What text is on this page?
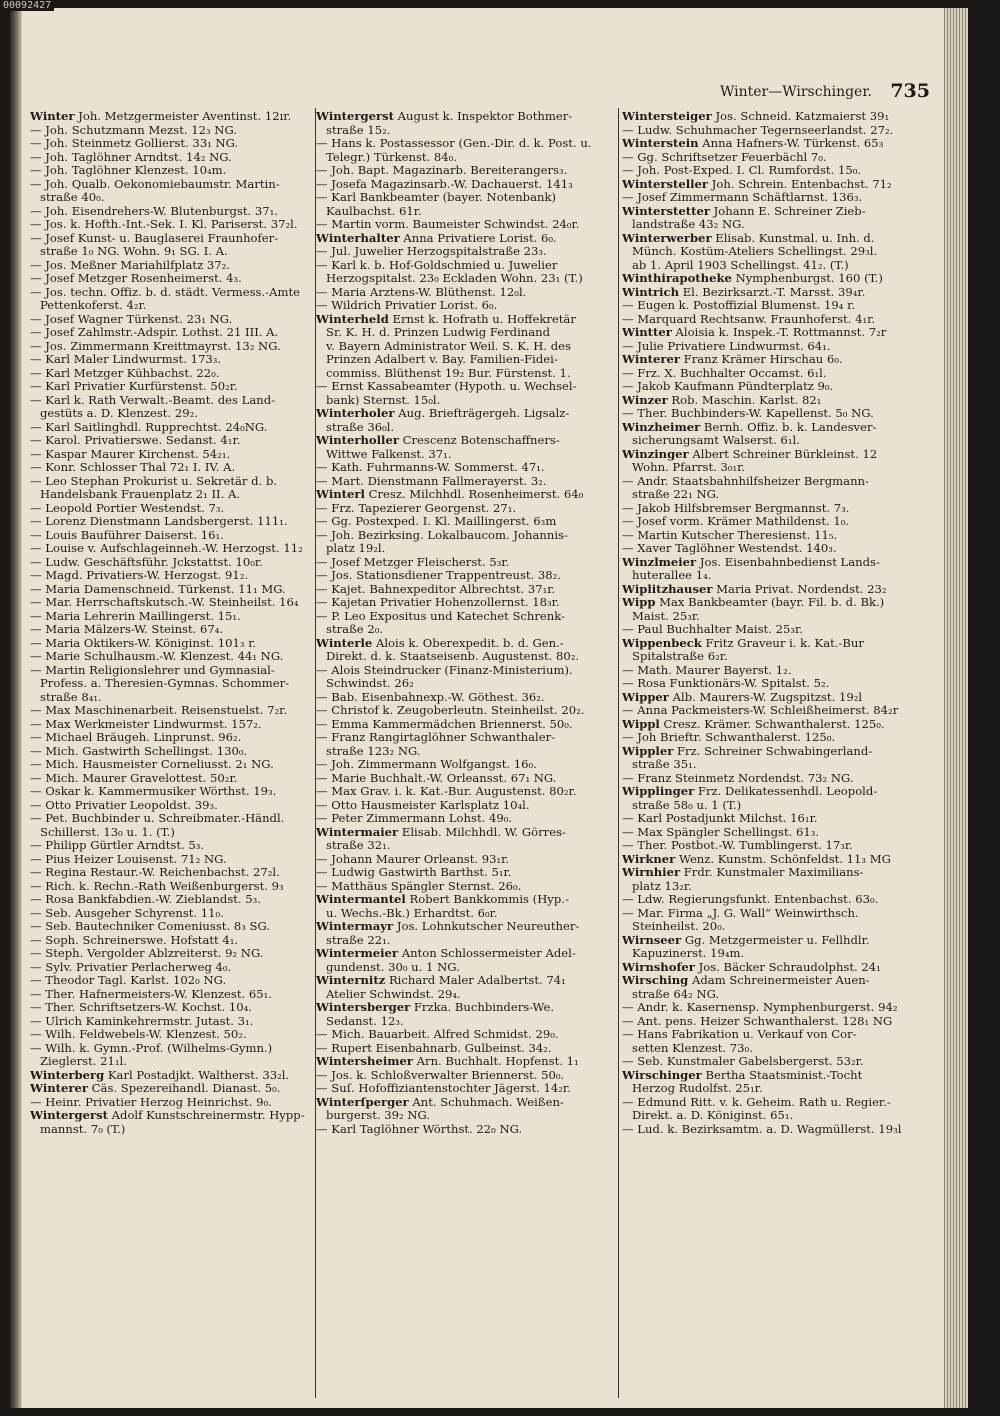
Winter—Wirschinger. 735
Winter Joh. Metzgermeister Aventinst. 12ır.
— Joh. Schutzmann Mezst. 12₃ NG.
— Joh. Steinmetz Gollierst. 33₁ NG.
— Joh. Taglöhner Arndtst. 14₂ NG.
— Joh. Taglöhner Klenzest. 10₄m.
— Joh. Qualb. Oekonomiebaumstr. Martin-
straße 40₀.
— Joh. Eisendrehers-W. Blutenburgst. 37₁.
— Jos. k. Hofth.-Int.-Sek. I. Kl. Pariserst. 37₂l.
— Josef Kunst- u. Bauglaserei Fraunhofer-
straße 1₀ NG. Wohn. 9₁ SG. I. A.
— Jos. Meßner Mariahilfplatz 37₂.
— Josef Metzger Rosenheimerst. 4₃.
— Jos. techn. Offiz. b. d. städt. Vermess.-Amte
Pettenkoferst. 4₂r.
— Josef Wagner Türkenst. 23₁ NG.
— Josef Zahlmstr.-Adspir. Lothst. 21 III. A.
— Jos. Zimmermann Kreittmayrst. 13₂ NG.
— Karl Maler Lindwurmst. 173₃.
— Karl Metzger Kühbachst. 22₀.
— Karl Privatier Kurfürstenst. 50₂r.
— Karl k. Rath Verwalt.-Beamt. des Land-
gestüts a. D. Klenzest. 29₂.
— Karl Saitlinghdl. Rupprechtst. 24₀NG.
— Karol. Privatierswe. Sedanst. 4₁r.
— Kaspar Maurer Kirchenst. 54₂₁.
— Konr. Schlosser Thal 72₁ I. IV. A.
— Leo Stephan Prokurist u. Sekretär d. b.
Handelsbank Frauenplatz 2₁ II. A.
— Leopold Portier Westendst. 7₃.
— Lorenz Dienstmann Landsbergerst. 111₁.
— Louis Bauführer Daiserst. 16₁.
— Louise v. Aufschlageinneh.-W. Herzogst. 11₂
— Ludw. Geschäftsführ. Jckstattst. 10₀r.
— Magd. Privatiers-W. Herzogst. 91₂.
— Maria Damenschneid. Türkenst. 11₁ MG.
— Mar. Herrschaftskutsch.-W. Steinheilst. 16₄
— Maria Lehrerin Maillingerst. 15₁.
— Maria Mälzers-W. Steinst. 67₄.
— Maria Oktikers-W. Königinst. 101₃ r.
— Marie Schulhausm.-W. Klenzest. 44₁ NG.
— Martin Religionslehrer und Gymnasial-
Profess. a. Theresien-Gymnas. Schommer-
straße 8₄₁.
— Max Maschinenarbeit. Reisenstuelst. 7₂r.
— Max Werkmeister Lindwurmst. 157₂.
— Michael Bräugeh. Linprunst. 96₂.
— Mich. Gastwirth Schellingst. 130₀.
— Mich. Hausmeister Corneliusst. 2₁ NG.
— Mich. Maurer Gravelottest. 50₂r.
— Oskar k. Kammermusiker Wörthst. 19₃.
— Otto Privatier Leopoldst. 39₃.
— Pet. Buchbinder u. Schreibmater.-Händl.
Schillerst. 13₀ u. 1. (T.)
— Philipp Gürtler Arndtst. 5₃.
— Pius Heizer Louisenst. 71₂ NG.
— Regina Restaur.-W. Reichenbachst. 27₂l.
— Rich. k. Rechn.-Rath Weißenburgerst. 9₃
— Rosa Bankfabdien.-W. Zieblandst. 5₃.
— Seb. Ausgeher Schyrenst. 11₀.
— Seb. Bautechniker Comeniusst. 8₃ SG.
— Soph. Schreinerswe. Hofstatt 4₁.
— Steph. Vergolder Ablzreiterst. 9₂ NG.
— Sylv. Privatier Perlacherweg 4₀.
— Theodor Tagl. Karlst. 102₀ NG.
— Ther. Hafnermeisters-W. Klenzest. 65₁.
— Ther. Schriftsetzers-W. Kochst. 10₄.
— Ulrich Kaminkehrermstr. Jutast. 3₁.
— Wilh. Feldwebels-W. Klenzest. 50₂.
— Wilh. k. Gymn.-Prof. (Wilhelms-Gymn.)
Zieglerst. 21₁l.
Winterberg Karl Postadjkt. Waltherst. 33₂l.
Winterer Cäs. Spezereihandl. Dianast. 5₀.
— Heinr. Privatier Herzog Heinrichst. 9₀.
Wintergerst Adolf Kunstschreinermstr. Hypp-
mannst. 7₀ (T.)
Wintergerst August k. Inspektor Bothmer-
straße 15₂.
— Hans k. Postassessor (Gen.-Dir. d. k. Post. u.
Telegr.) Türkenst. 84₀.
— Joh. Bapt. Magazinarb. Bereiterangers₃.
— Josefa Magazinsarb.-W. Dachauerst. 141₃
— Karl Bankbeamter (bayer. Notenbank)
Kaulbachst. 61r.
— Martin vorm. Baumeister Schwindst. 24₀r.
Winterhalter Anna Privatiere Lorist. 6₀.
— Jul. Juwelier Herzogspitalstraße 23₃.
— Karl k. b. Hof-Goldschmied u. Juwelier
Herzogspitalst. 23₀ Eckladen Wohn. 23₁ (T.)
— Maria Arztens-W. Blüthenst. 12₀l.
— Wildrich Privatier Lorist. 6₀.
Winterheld Ernst k. Hofrath u. Hoffekretär
Sr. K. H. d. Prinzen Ludwig Ferdinand
v. Bayern Administrator Weil. S. K. H. des
Prinzen Adalbert v. Bay. Familien-Fidei-
commiss. Blüthenst 19₂ Bur. Fürstenst. 1.
— Ernst Kassabeamter (Hypoth. u. Wechsel-
bank) Sternst. 15₀l.
Winterholer Aug. Briefträgergeh. Ligsalz-
straße 36₀l.
Winterholler Crescenz Botenschaffners-
Wittwe Falkenst. 37₁.
— Kath. Fuhrmanns-W. Sommerst. 47₁.
— Mart. Dienstmann Fallmerayerst. 3₂.
Winterl Cresz. Milchhdl. Rosenheimerst. 64₀
— Frz. Tapezierer Georgenst. 27₁.
— Gg. Postexped. I. Kl. Maillingerst. 6₃m
— Joh. Bezirksing. Lokalbaucom. Johannis-
platz 19₂l.
— Josef Metzger Fleischerst. 5₃r.
— Jos. Stationsdiener Trappentreust. 38₂.
— Kajet. Bahnexpeditor Albrechtst. 37₁r.
— Kajetan Privatier Hohenzollernst. 18₃r.
— P. Leo Expositus und Katechet Schrenk-
straße 2₀.
Winterle Alois k. Oberexpedit. b. d. Gen.-
Direkt. d. k. Staatseisenb. Augustenst. 80₂.
— Alois Steindrucker (Finanz-Ministerium).
Schwindst. 26₂
— Bab. Eisenbahnexp.-W. Göthest. 36₂.
— Christof k. Zeugoberleutn. Steinheilst. 20₂.
— Emma Kammermädchen Briennerst. 50₀.
— Franz Rangirtaglöhner Schwanthaler-
straße 123₂ NG.
— Joh. Zimmermann Wolfgangst. 16₀.
— Marie Buchhalt.-W. Orleansst. 67₁ NG.
— Max Grav. i. k. Kat.-Bur. Augustenst. 80₂r.
— Otto Hausmeister Karlsplatz 10₄l.
— Peter Zimmermann Lohst. 49₀.
Wintermaier Elisab. Milchhdl. W. Görres-
straße 32₁.
— Johann Maurer Orleanst. 93₁r.
— Ludwig Gastwirth Barthst. 5₁r.
— Matthäus Spängler Sternst. 26₀.
Wintermantel Robert Bankkommis (Hyp.-
u. Wechs.-Bk.) Erhardtst. 6₀r.
Wintermayr Jos. Lohnkutscher Neureuther-
straße 22₁.
Wintermeier Anton Schlossermeister Adel-
gundenst. 30₀ u. 1 NG.
Winternitz Richard Maler Adalbertst. 74₁
Atelier Schwindst. 29₄.
Wintersberger Frzka. Buchbinders-We.
Sedanst. 12₃.
— Mich. Bauarbeit. Alfred Schmidst. 29₀.
— Rupert Eisenbahnarb. Gulbeinst. 34₂.
Wintersheimer Arn. Buchhalt. Hopfenst. 1₁
— Jos. k. Schloßverwalter Briennerst. 50₀.
— Suſ. Hofoffiziantenstochter Jägerst. 14₂r.
Winterſperger Ant. Schuhmach. Weißen-
burgerst. 39₂ NG.
— Karl Taglöhner Wörthst. 22₀ NG.
Wintersteiger Jos. Schneid. Katzmaierst 39₁
— Ludw. Schuhmacher Tegernseerlandst. 27₂.
Winterstein Anna Hafners-W. Türkenst. 65₃
— Gg. Schriftsetzer Feuerbächl 7₀.
— Joh. Post-Exped. I. Cl. Rumfordst. 15₀.
Wintersteller Joh. Schrein. Entenbachst. 71₂
— Josef Zimmermann Schäftlarnst. 136₃.
Winterstetter Johann E. Schreiner Zieb-
landstraße 43₂ NG.
Winterwerber Elisab. Kunstmal. u. Inh. d.
Münch. Kostüm-Ateliers Schellingst. 29₃l.
ab 1. April 1903 Schellingst. 41₂. (T.)
Winthirapotheke Nymphenburgst. 160 (T.)
Wintrich El. Bezirksarzt.-T. Marsst. 39₄r.
— Eugen k. Postoffizial Blumenst. 19₄ r.
— Marquard Rechtsanw. Fraunhoferst. 4₁r.
Wintter Aloisia k. Inspek.-T. Rottmannst. 7₂r
— Julie Privatiere Lindwurmst. 64₁.
Winterer Franz Krämer Hirschau 6₀.
— Frz. X. Buchhalter Occamst. 6₁l.
— Jakob Kaufmann Pündterplatz 9₀.
Winzer Rob. Maschin. Karlst. 82₁
— Ther. Buchbinders-W. Kapellenst. 5₀ NG.
Winzheimer Bernh. Offiz. b. k. Landesver-
sicherungsamt Walserst. 6₁l.
Winzinger Albert Schreiner Bürkleinst. 12
Wohn. Pfarrst. 3₀₁r.
— Andr. Staatsbahnhilfsheizer Bergmann-
straße 22₁ NG.
— Jakob Hilfsbremser Bergmannst. 7₃.
— Josef vorm. Krämer Mathildenst. 1₀.
— Martin Kutscher Theresienst. 11₅.
— Xaver Taglöhner Westendst. 140₃.
Winzlmeier Jos. Eisenbahnbedienst Lands-
huterallee 1₄.
Wiplitzhauser Maria Privat. Nordendst. 23₂
Wipp Max Bankbeamter (bayr. Fil. b. d. Bk.)
Maist. 25₃r.
— Paul Buchhalter Maist. 25₃r.
Wippenbeck Fritz Graveur i. k. Kat.-Bur
Spitalstraße 6₂r.
— Math. Maurer Bayerst. 1₂.
— Rosa Funktionärs-W. Spitalst. 5₂.
Wipper Alb. Maurers-W. Zugspitzst. 19₂l
— Anna Packmeisters-W. Schleißheimerst. 84₂r
Wippl Cresz. Krämer. Schwanthalerst. 125₀.
— Joh Brieftr. Schwanthalerst. 125₀.
Wippler Frz. Schreiner Schwabingerland-
straße 35₁.
— Franz Steinmetz Nordendst. 73₂ NG.
Wipplinger Frz. Delikatessenhdl. Leopold-
straße 58₀ u. 1 (T.)
— Karl Postadjunkt Milchst. 16₁r.
— Max Spängler Schellingst. 61₃.
— Ther. Postbot.-W. Tumblingerst. 17₃r.
Wirkner Wenz. Kunstm. Schönfeldst. 11₃ MG
Wirnhier Frdr. Kunstmaler Maximilians-
platz 13₂r.
— Ldw. Regierungsfunkt. Entenbachst. 63₀.
— Mar. Firma „J. G. Wall“ Weinwirthsch.
Steinheilst. 20₀.
Wirnseer Gg. Metzgermeister u. Fellhdlr.
Kapuzinerst. 19₄m.
Wirnshofer Jos. Bäcker Schraudolphst. 24₁
Wirsching Adam Schreinermeister Auen-
straße 64₂ NG.
— Andr. k. Kasernensp. Nymphenburgerst. 94₂
— Ant. pens. Heizer Schwanthalerst. 128₁ NG
— Hans Fabrikation u. Verkauf von Cor-
setten Klenzest. 73₀.
— Seb. Kunstmaler Gabelsbergerst. 53₂r.
Wirschinger Bertha Staatsminist.-Tocht
Herzog Rudolfst. 25₁r.
— Edmund Ritt. v. k. Geheim. Rath u. Regier.-
Direkt. a. D. Königinst. 65₁.
— Lud. k. Bezirksamtm. a. D. Wagmüllerst. 19₃l
00092427
